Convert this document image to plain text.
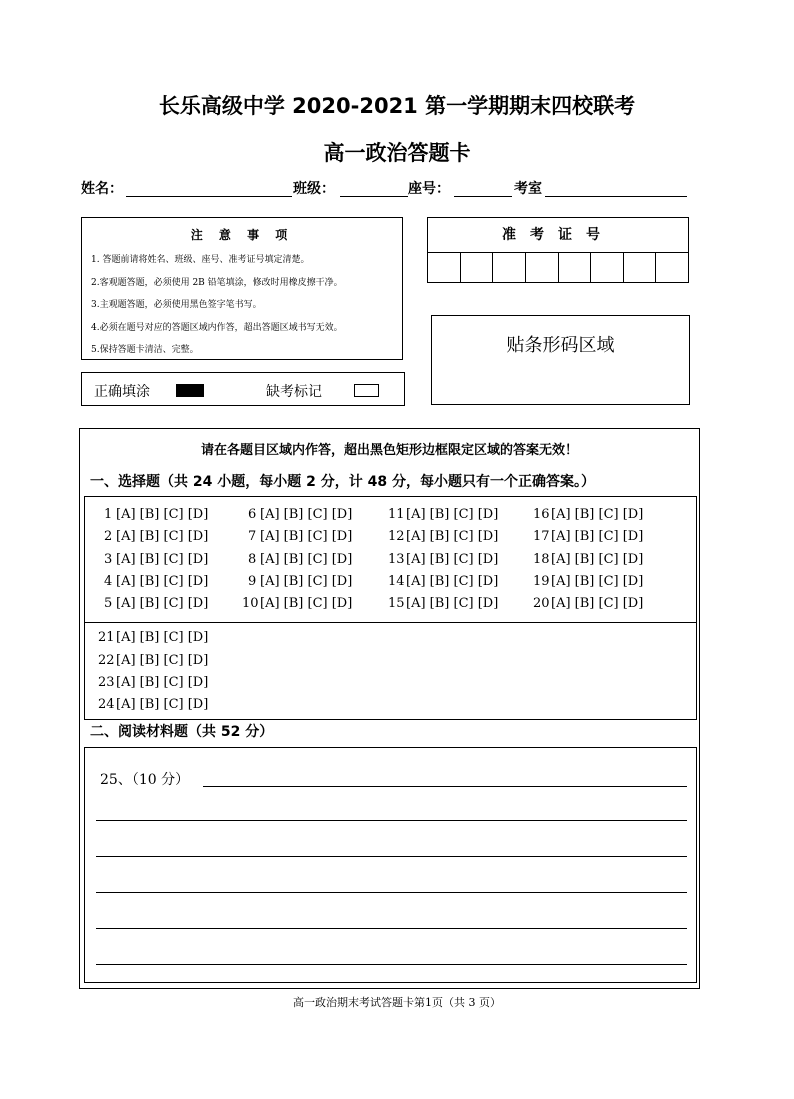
长乐高级中学 2020-2021 第一学期期末四校联考
高一政治答题卡
姓名：	班级：	座号：	考室
注 意 事 项
1. 答题前请将姓名、班级、座号、准考证号填定清楚。
2.客观题答题，必须使用 2B 铅笔填涂，修改时用橡皮擦干净。
3.主观题答题，必须使用黑色签字笔书写。
4.必须在题号对应的答题区域内作答，超出答题区域书写无效。
5.保持答题卡清洁、完整。
准考证号
贴条形码区域
正确填涂	缺考标记
请在各题目区域内作答，超出黑色矩形边框限定区域的答案无效！
一、选择题（共 24 小题，每小题 2 分，计 48 分，每小题只有一个正确答案。）
1 [A] [B] [C] [D]
2 [A] [B] [C] [D]
3 [A] [B] [C] [D]
4 [A] [B] [C] [D]
5 [A] [B] [C] [D]
6 [A] [B] [C] [D]
7 [A] [B] [C] [D]
8 [A] [B] [C] [D]
9 [A] [B] [C] [D]
10 [A] [B] [C] [D]
11 [A] [B] [C] [D]
12 [A] [B] [C] [D]
13 [A] [B] [C] [D]
14 [A] [B] [C] [D]
15 [A] [B] [C] [D]
16 [A] [B] [C] [D]
17 [A] [B] [C] [D]
18 [A] [B] [C] [D]
19 [A] [B] [C] [D]
20 [A] [B] [C] [D]
21 [A] [B] [C] [D]
22 [A] [B] [C] [D]
23 [A] [B] [C] [D]
24 [A] [B] [C] [D]
二、阅读材料题（共 52 分）
25、（10 分）
高一政治期末考试答题卡第1页（共 3 页）
